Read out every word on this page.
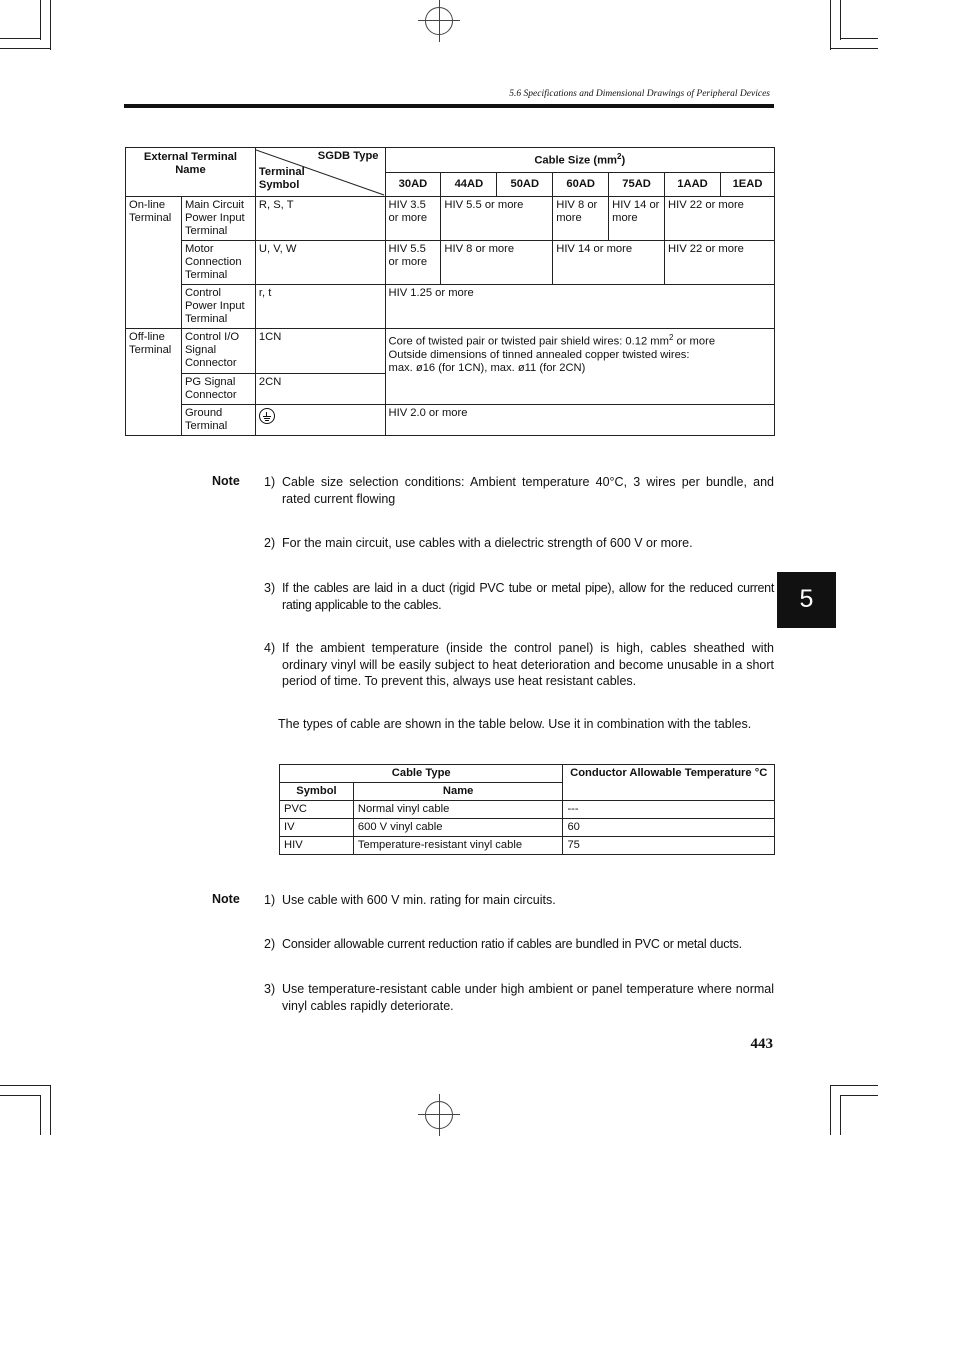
5.6 Specifications and Dimensional Drawings of Peripheral Devices
External Terminal Name		SGDB Type
Terminal Symbol	Cable Size $(mm^2)$						
			30AD	44AD	50AD	60AD	75AD	1AAD	1EAD
On-line Terminal	Main Circuit Power Input Terminal	R, S, T	HIV 3.5 or more	HIV 5.5 or more		HIV 8 or more	HIV 14 or more	HIV 22 or more	
	Motor Connection Terminal	U, V, W	HIV 5.5 or more	HIV 8 or more		HIV 14 or more		HIV 22 or more	
	Control Power Input Terminal	r, t	HIV 1.25 or more						
Off-line Terminal	Control I/O Signal Connector	1CN	Core of twisted pair or twisted pair shield wires: 0.12 $mm^2$ or more
Outside dimensions of tinned annealed copper twisted wires:
max. ø16 (for 1CN), max. ø11 (for 2CN)						

	PG Signal Connector	2CN							
	Ground Terminal		HIV 2.0 or more						
Note 1) Cable size selection conditions: Ambient temperature 40°C, 3 wires per bundle, and rated current flowing
2) For the main circuit, use cables with a dielectric strength of 600 V or more.
3) If the cables are laid in a duct (rigid PVC tube or metal pipe), allow for the reduced current rating applicable to the cables.
4) If the ambient temperature (inside the control panel) is high, cables sheathed with ordinary vinyl will be easily subject to heat deterioration and become unusable in a short period of time. To prevent this, always use heat resistant cables.
The types of cable are shown in the table below. Use it in combination with the tables.
Cable Type		Conductor Allowable Temperature °C
Symbol	Name	
PVC	Normal vinyl cable	---
IV	600 V vinyl cable	60
HIV	Temperature-resistant vinyl cable	75
Note 1) Use cable with 600 V min. rating for main circuits.
2) Consider allowable current reduction ratio if cables are bundled in PVC or metal ducts.
3) Use temperature-resistant cable under high ambient or panel temperature where normal vinyl cables rapidly deteriorate.
5
443
